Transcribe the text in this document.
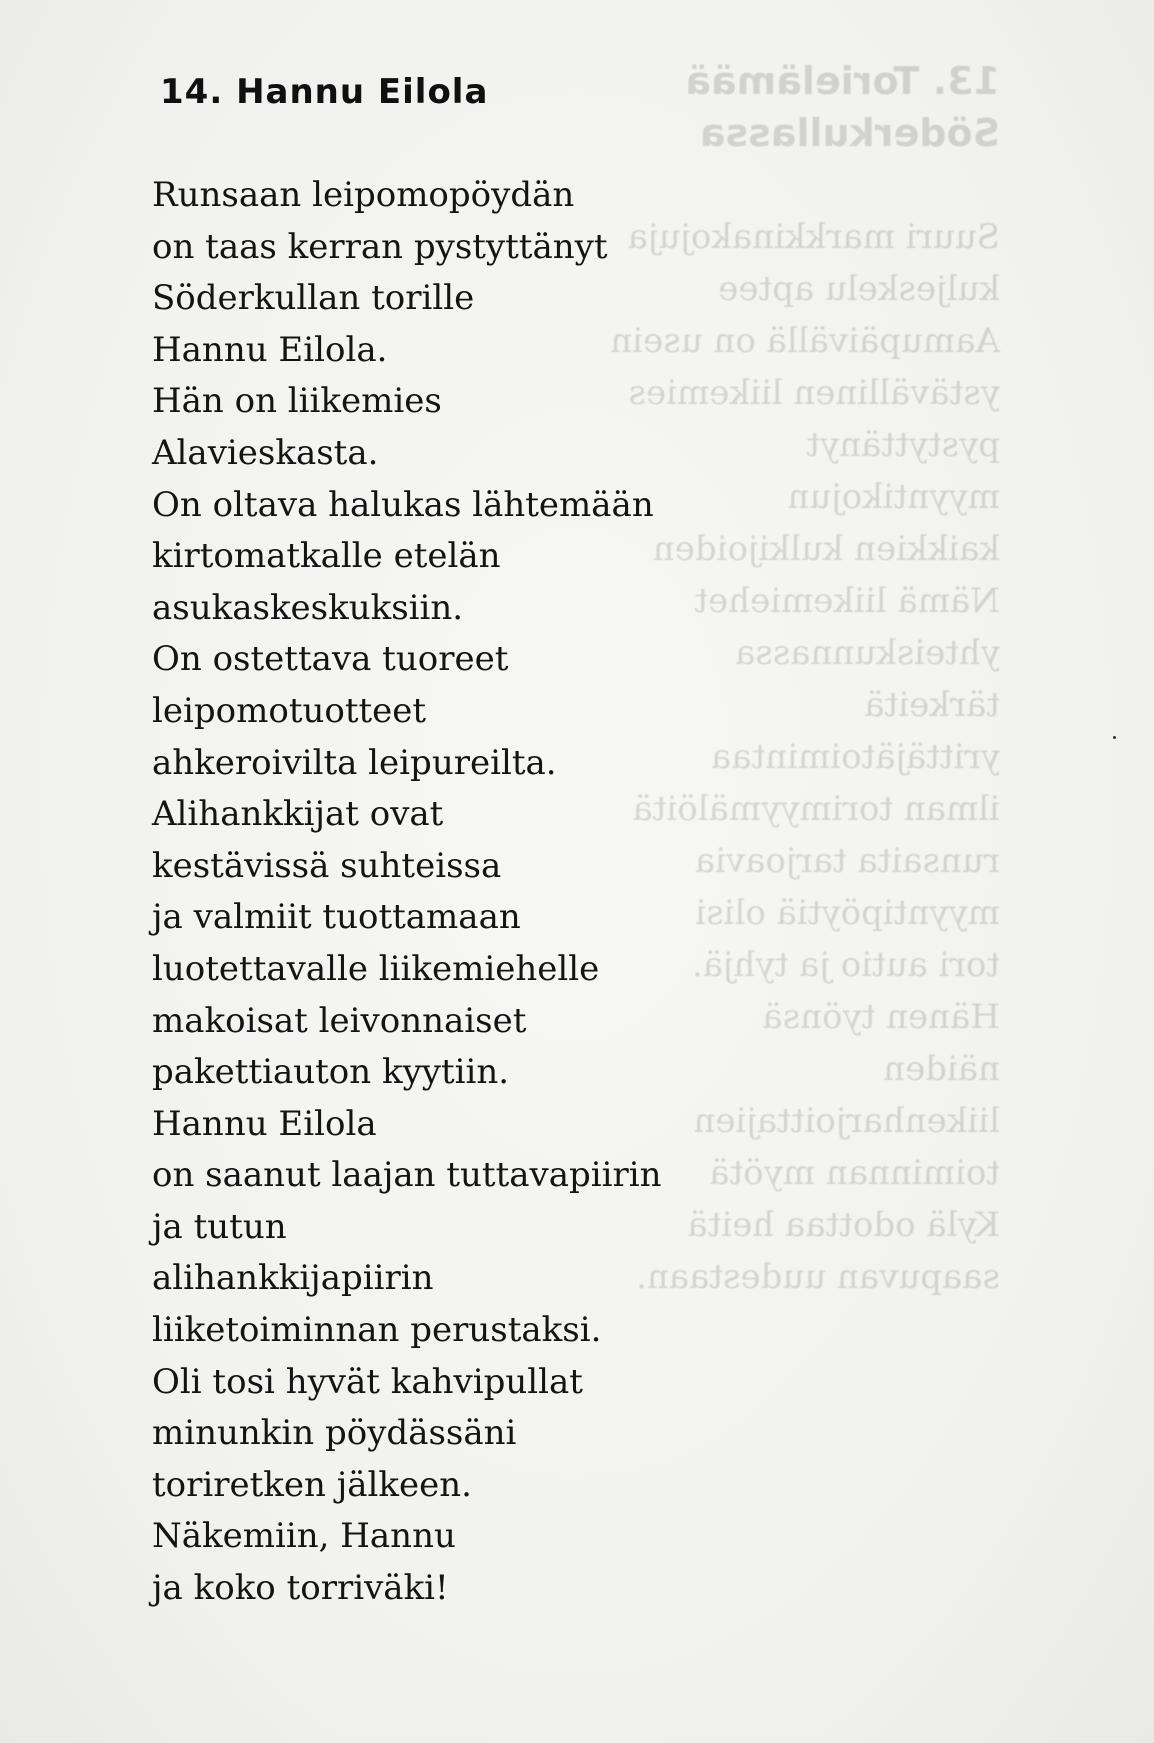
13. Torielämää Söderkullassa
Suuri markkinakojuja
kuljeskelu aptee
Aamupäivällä on usein
ystävällinen liikemies
pystyttänyt
myyntikojun
kaikkien kulkijoiden
Nämä liikemiehet
yhteiskunnassa
tärkeitä
yrittäjätoimintaa
ilman torimyymälöitä
runsaita tarjoavia
myyntipöytiä olisi
tori autio ja tyhjä.
Hänen työnsä
näiden
liikenharjoittajien
toiminnan myötä
Kylä odottaa heitä
saapuvan uudestaan.
14. Hannu Eilola
Runsaan leipomopöydän
on taas kerran pystyttänyt
Söderkullan torille
Hannu Eilola.
Hän on liikemies
Alavieskasta.
On oltava halukas lähtemään
kirtomatkalle etelän
asukaskeskuksiin.
On ostettava tuoreet
leipomotuotteet
ahkeroivilta leipureilta.
Alihankkijat ovat
kestävissä suhteissa
ja valmiit tuottamaan
luotettavalle liikemiehelle
makoisat leivonnaiset
pakettiauton kyytiin.
Hannu Eilola
on saanut laajan tuttavapiirin
ja tutun
alihankkijapiirin
liiketoiminnan perustaksi.
Oli tosi hyvät kahvipullat
minunkin pöydässäni
toriretken jälkeen.
Näkemiin, Hannu
ja koko torriväki!
